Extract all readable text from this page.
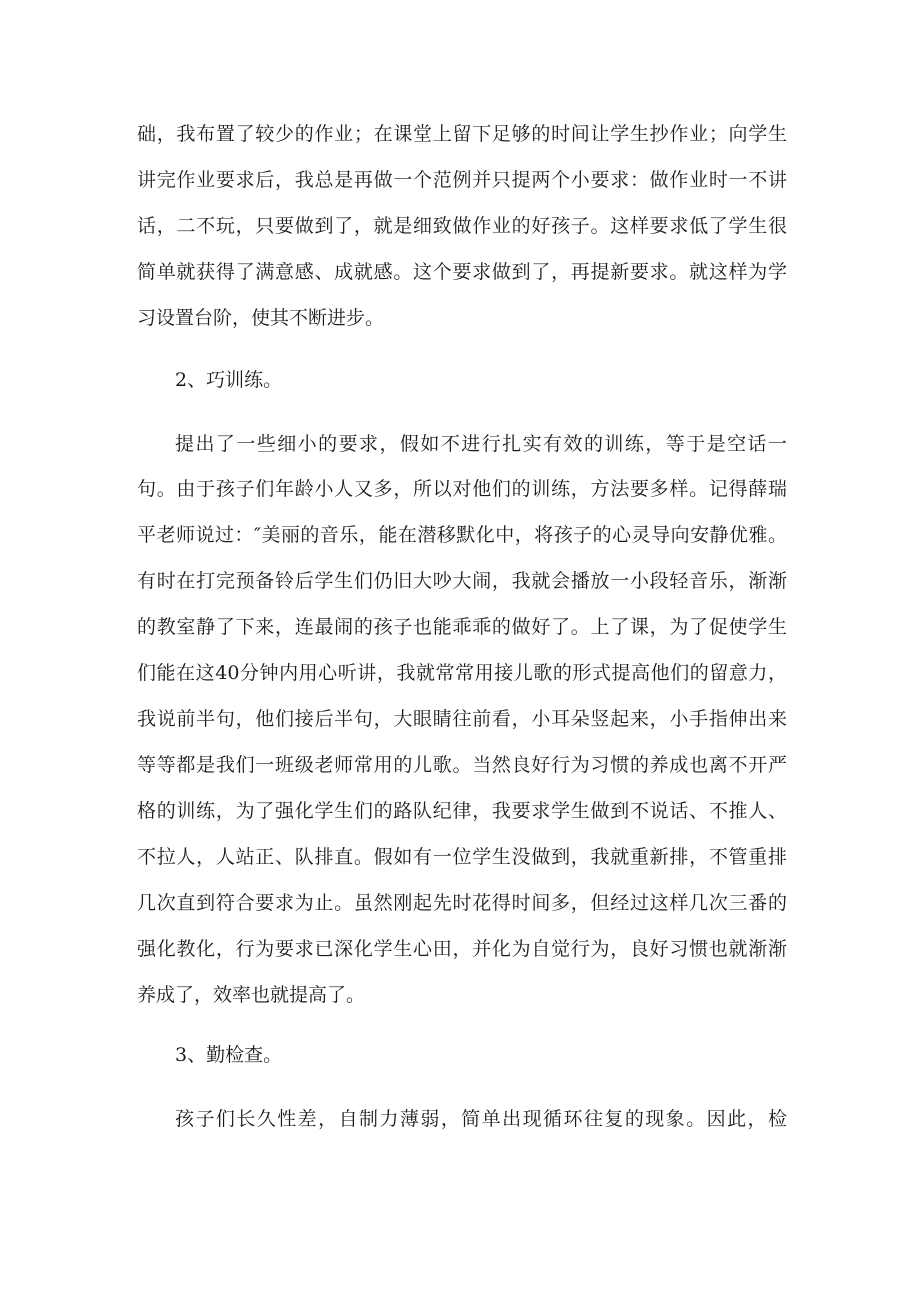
础，我布置了较少的作业；在课堂上留下足够的时间让学生抄作业；向学生
讲完作业要求后，我总是再做一个范例并只提两个小要求：做作业时一不讲
话，二不玩，只要做到了，就是细致做作业的好孩子。这样要求低了学生很
简单就获得了满意感、成就感。这个要求做到了，再提新要求。就这样为学
习设置台阶，使其不断进步。
2、巧训练。
提出了一些细小的要求，假如不进行扎实有效的训练，等于是空话一
句。由于孩子们年龄小人又多，所以对他们的训练，方法要多样。记得薛瑞
平老师说过：″美丽的音乐，能在潜移默化中，将孩子的心灵导向安静优雅。
有时在打完预备铃后学生们仍旧大吵大闹，我就会播放一小段轻音乐，渐渐
的教室静了下来，连最闹的孩子也能乖乖的做好了。上了课，为了促使学生
们能在这40分钟内用心听讲，我就常常用接儿歌的形式提高他们的留意力，
我说前半句，他们接后半句，大眼睛往前看，小耳朵竖起来，小手指伸出来
等等都是我们一班级老师常用的儿歌。当然良好行为习惯的养成也离不开严
格的训练，为了强化学生们的路队纪律，我要求学生做到不说话、不推人、
不拉人，人站正、队排直。假如有一位学生没做到，我就重新排，不管重排
几次直到符合要求为止。虽然刚起先时花得时间多，但经过这样几次三番的
强化教化，行为要求已深化学生心田，并化为自觉行为，良好习惯也就渐渐
养成了，效率也就提高了。
3、勤检查。
孩子们长久性差，自制力薄弱，简单出现循环往复的现象。因此，检
